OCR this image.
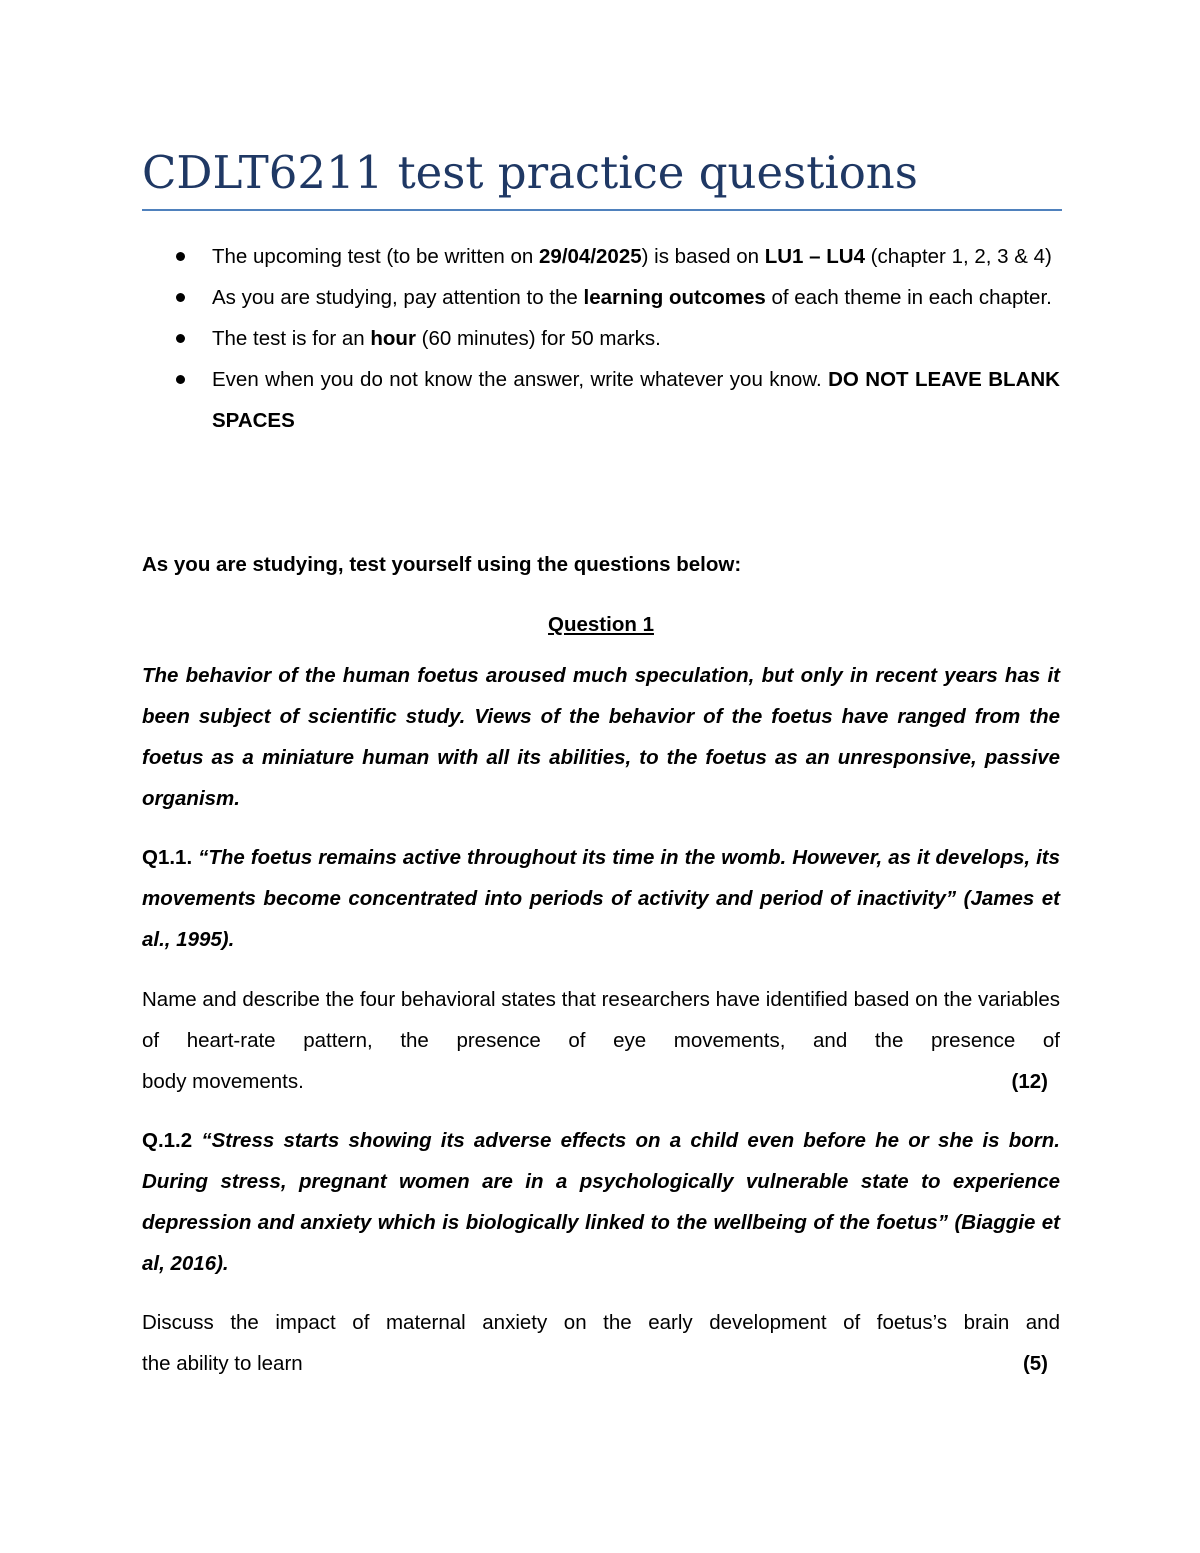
CDLT6211 test practice questions
The upcoming test (to be written on 29/04/2025) is based on LU1 – LU4 (chapter 1, 2, 3 & 4)
As you are studying, pay attention to the learning outcomes of each theme in each chapter.
The test is for an hour (60 minutes) for 50 marks.
Even when you do not know the answer, write whatever you know. DO NOT LEAVE BLANK SPACES

As you are studying, test yourself using the questions below:

Question 1

The behavior of the human foetus aroused much speculation, but only in recent years has it been subject of scientific study. Views of the behavior of the foetus have ranged from the foetus as a miniature human with all its abilities, to the foetus as an unresponsive, passive organism.

Q1.1. “The foetus remains active throughout its time in the womb. However, as it develops, its movements become concentrated into periods of activity and period of inactivity” (James et al., 1995).

Name and describe the four behavioral states that researchers have identified based on the variables of heart-rate pattern, the presence of eye movements, and the presence of
body movements.	(12)

Q.1.2 “Stress starts showing its adverse effects on a child even before he or she is born. During stress, pregnant women are in a psychologically vulnerable state to experience depression and anxiety which is biologically linked to the wellbeing of the foetus” (Biaggie et al, 2016).

Discuss the impact of maternal anxiety on the early development of foetus’s brain and
the ability to learn	(5)
